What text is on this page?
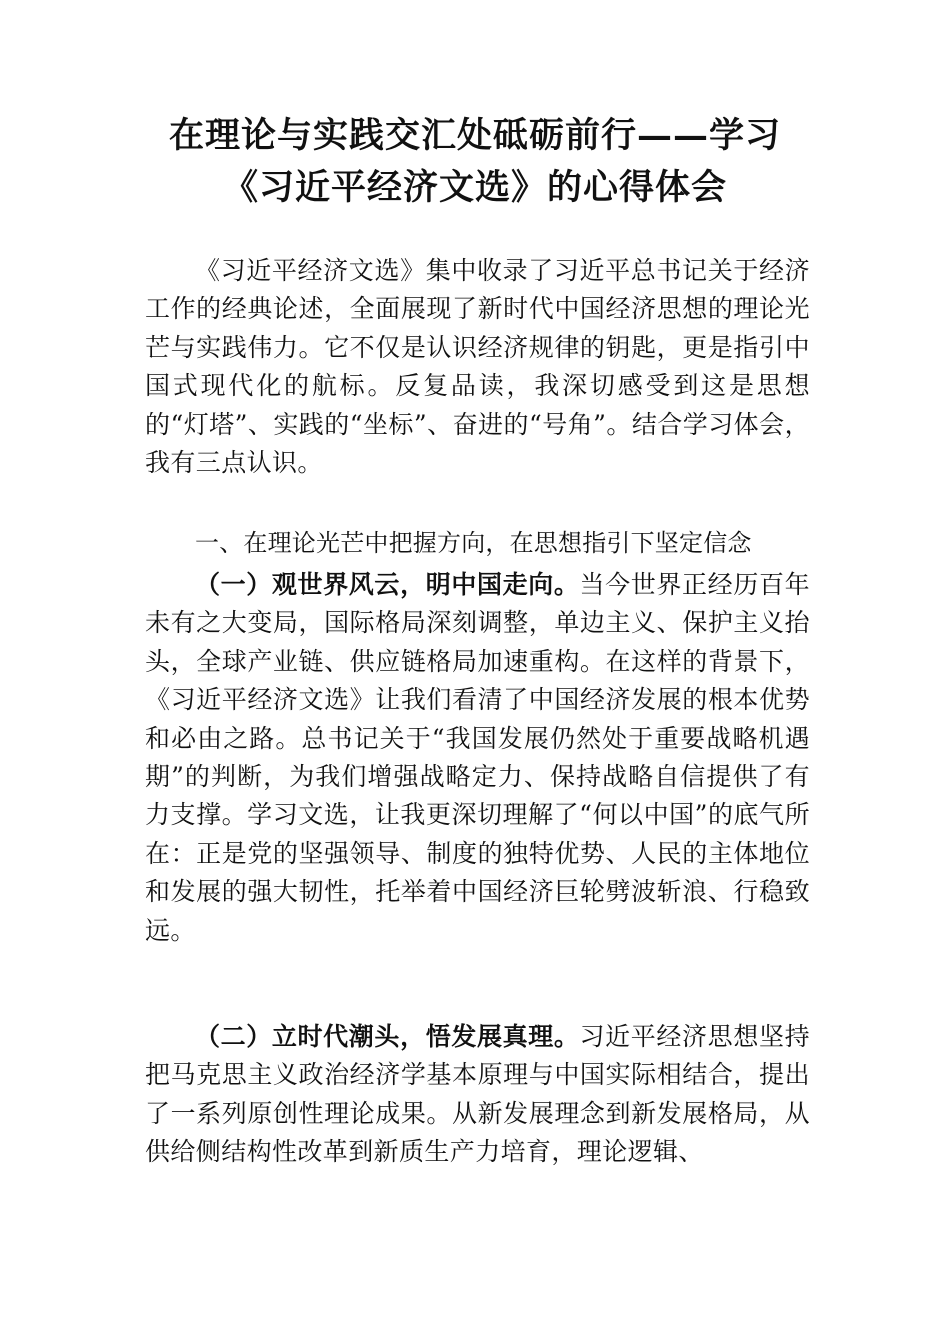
在理论与实践交汇处砥砺前行——学习
《习近平经济文选》的心得体会

《习近平经济文选》集中收录了习近平总书记关于经济工作的经典论述，全面展现了新时代中国经济思想的理论光芒与实践伟力。它不仅是认识经济规律的钥匙，更是指引中国式现代化的航标。反复品读，我深切感受到这是思想的“灯塔”、实践的“坐标”、奋进的“号角”。结合学习体会，我有三点认识。

一、在理论光芒中把握方向，在思想指引下坚定信念

（一）观世界风云，明中国走向。当今世界正经历百年未有之大变局，国际格局深刻调整，单边主义、保护主义抬头，全球产业链、供应链格局加速重构。在这样的背景下，《习近平经济文选》让我们看清了中国经济发展的根本优势和必由之路。总书记关于“我国发展仍然处于重要战略机遇期”的判断，为我们增强战略定力、保持战略自信提供了有力支撑。学习文选，让我更深切理解了“何以中国”的底气所在：正是党的坚强领导、制度的独特优势、人民的主体地位和发展的强大韧性，托举着中国经济巨轮劈波斩浪、行稳致远。

（二）立时代潮头，悟发展真理。习近平经济思想坚持把马克思主义政治经济学基本原理与中国实际相结合，提出了一系列原创性理论成果。从新发展理念到新发展格局，从供给侧结构性改革到新质生产力培育，理论逻辑、
